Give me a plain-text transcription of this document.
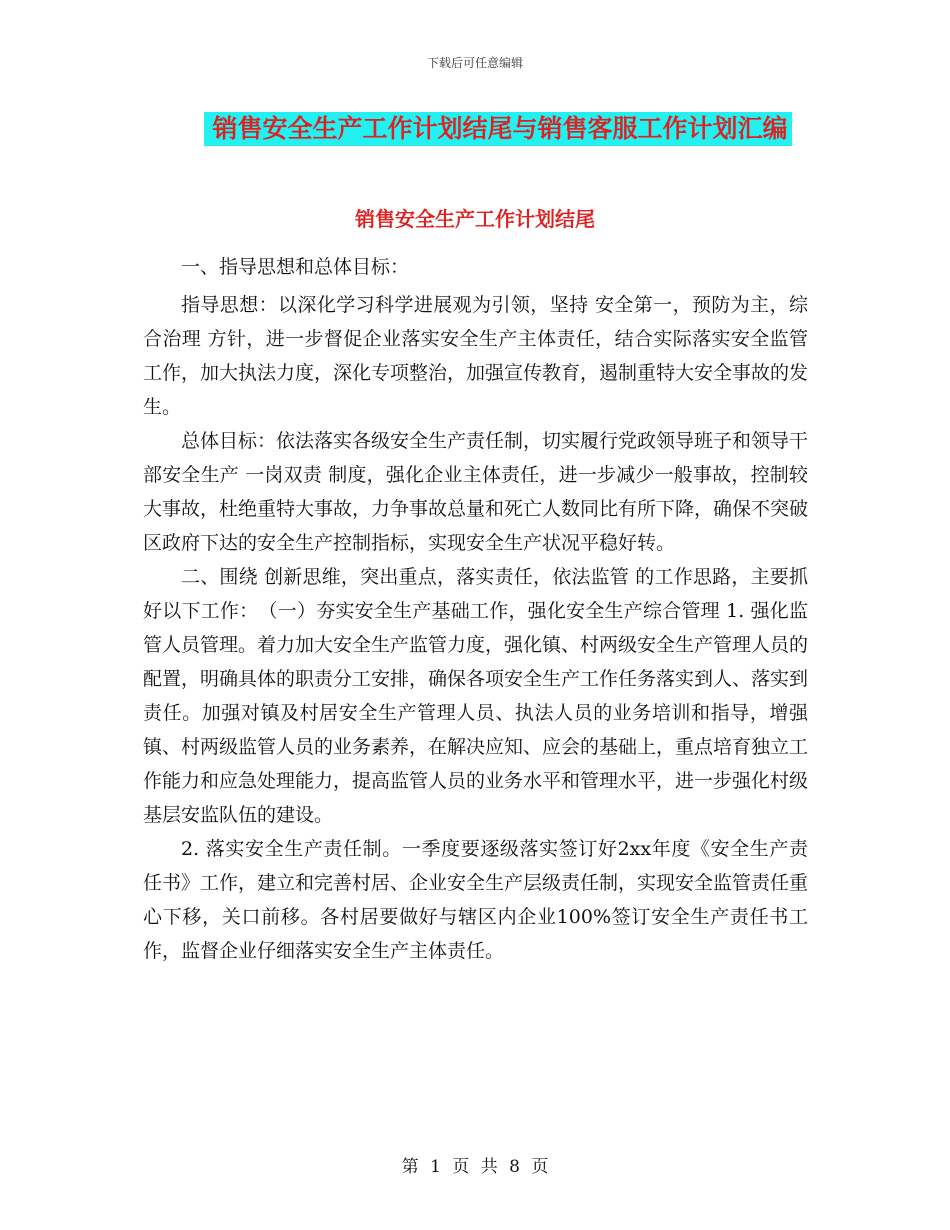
下载后可任意编辑
销售安全生产工作计划结尾与销售客服工作计划汇编
销售安全生产工作计划结尾

一、指导思想和总体目标：

指导思想：以深化学习科学进展观为引领，坚持 安全第一，预防为主，综合治理 方针，进一步督促企业落实安全生产主体责任，结合实际落实安全监管工作，加大执法力度，深化专项整治，加强宣传教育，遏制重特大安全事故的发生。

总体目标：依法落实各级安全生产责任制，切实履行党政领导班子和领导干部安全生产 一岗双责 制度，强化企业主体责任，进一步减少一般事故，控制较大事故，杜绝重特大事故，力争事故总量和死亡人数同比有所下降，确保不突破区政府下达的安全生产控制指标，实现安全生产状况平稳好转。

二、围绕 创新思维，突出重点，落实责任，依法监管 的工作思路，主要抓好以下工作：　（一）夯实安全生产基础工作，强化安全生产综合管理 1. 强化监管人员管理。着力加大安全生产监管力度，强化镇、村两级安全生产管理人员的配置，明确具体的职责分工安排，确保各项安全生产工作任务落实到人、落实到责任。加强对镇及村居安全生产管理人员、执法人员的业务培训和指导，增强镇、村两级监管人员的业务素养，在解决应知、应会的基础上，重点培育独立工作能力和应急处理能力，提高监管人员的业务水平和管理水平，进一步强化村级基层安监队伍的建设。

2. 落实安全生产责任制。一季度要逐级落实签订好2xx年度《安全生产责任书》工作，建立和完善村居、企业安全生产层级责任制，实现安全监管责任重心下移，关口前移。各村居要做好与辖区内企业100%签订安全生产责任书工作，监督企业仔细落实安全生产主体责任。

第 1 页 共 8 页
